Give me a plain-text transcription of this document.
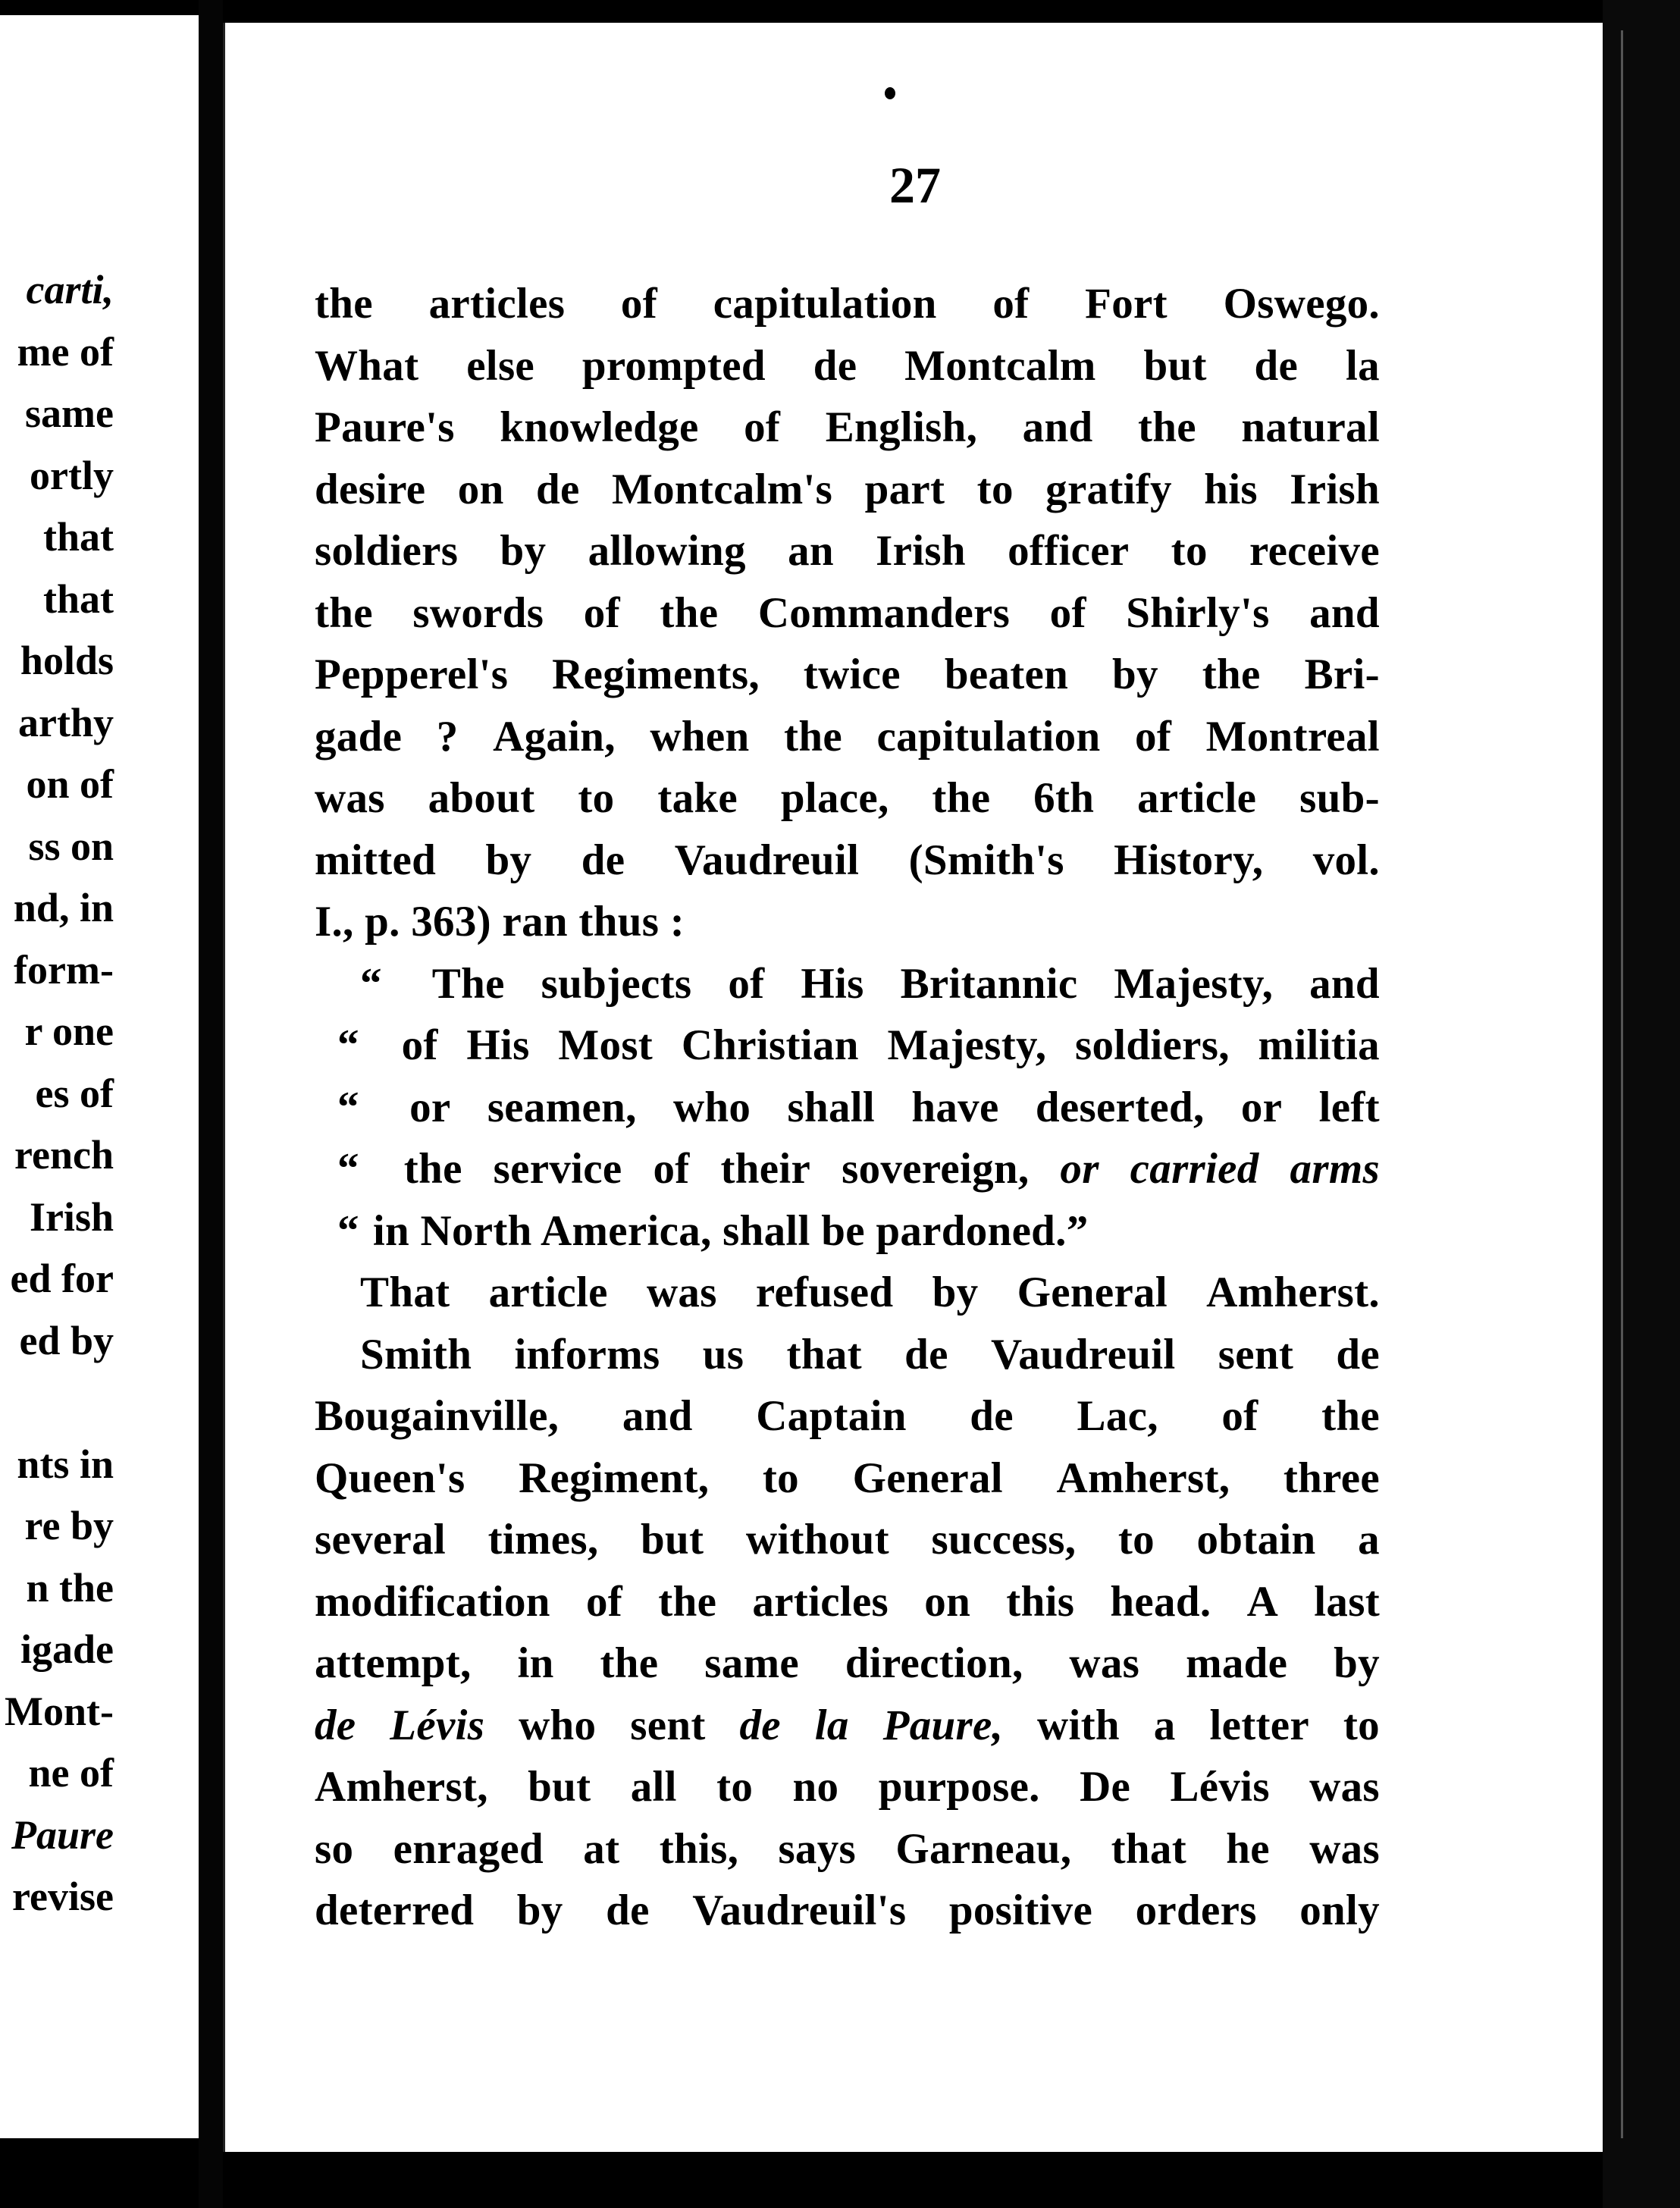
carti,
me of
same
ortly
that
that
holds
arthy
on of
ss on
nd, in
form-
r one
es of
rench
Irish
ed for
ed by
nts in
re by
n the
igade
Mont-
ne of
Paure
revise
27
the articles of capitulation of Fort Oswego.
What else prompted de Montcalm but de la
Paure's knowledge of English, and the natural
desire on de Montcalm's part to gratify his Irish
soldiers by allowing an Irish officer to receive
the swords of the Commanders of Shirly's and
Pepperel's Regiments, twice beaten by the Bri-
gade ? Again, when the capitulation of Montreal
was about to take place, the 6th article sub-
mitted by de Vaudreuil (Smith's History, vol.
I., p. 363) ran thus :
“ The subjects of His Britannic Majesty, and
“ of His Most Christian Majesty, soldiers, militia
“ or seamen, who shall have deserted, or left
“ the service of their sovereign, or carried arms
“ in North America, shall be pardoned.”
That article was refused by General Amherst.
Smith informs us that de Vaudreuil sent de
Bougainville, and Captain de Lac, of the
Queen's Regiment, to General Amherst, three
several times, but without success, to obtain a
modification of the articles on this head. A last
attempt, in the same direction, was made by
de Lévis who sent de la Paure, with a letter to
Amherst, but all to no purpose. De Lévis was
so enraged at this, says Garneau, that he was
deterred by de Vaudreuil's positive orders only
